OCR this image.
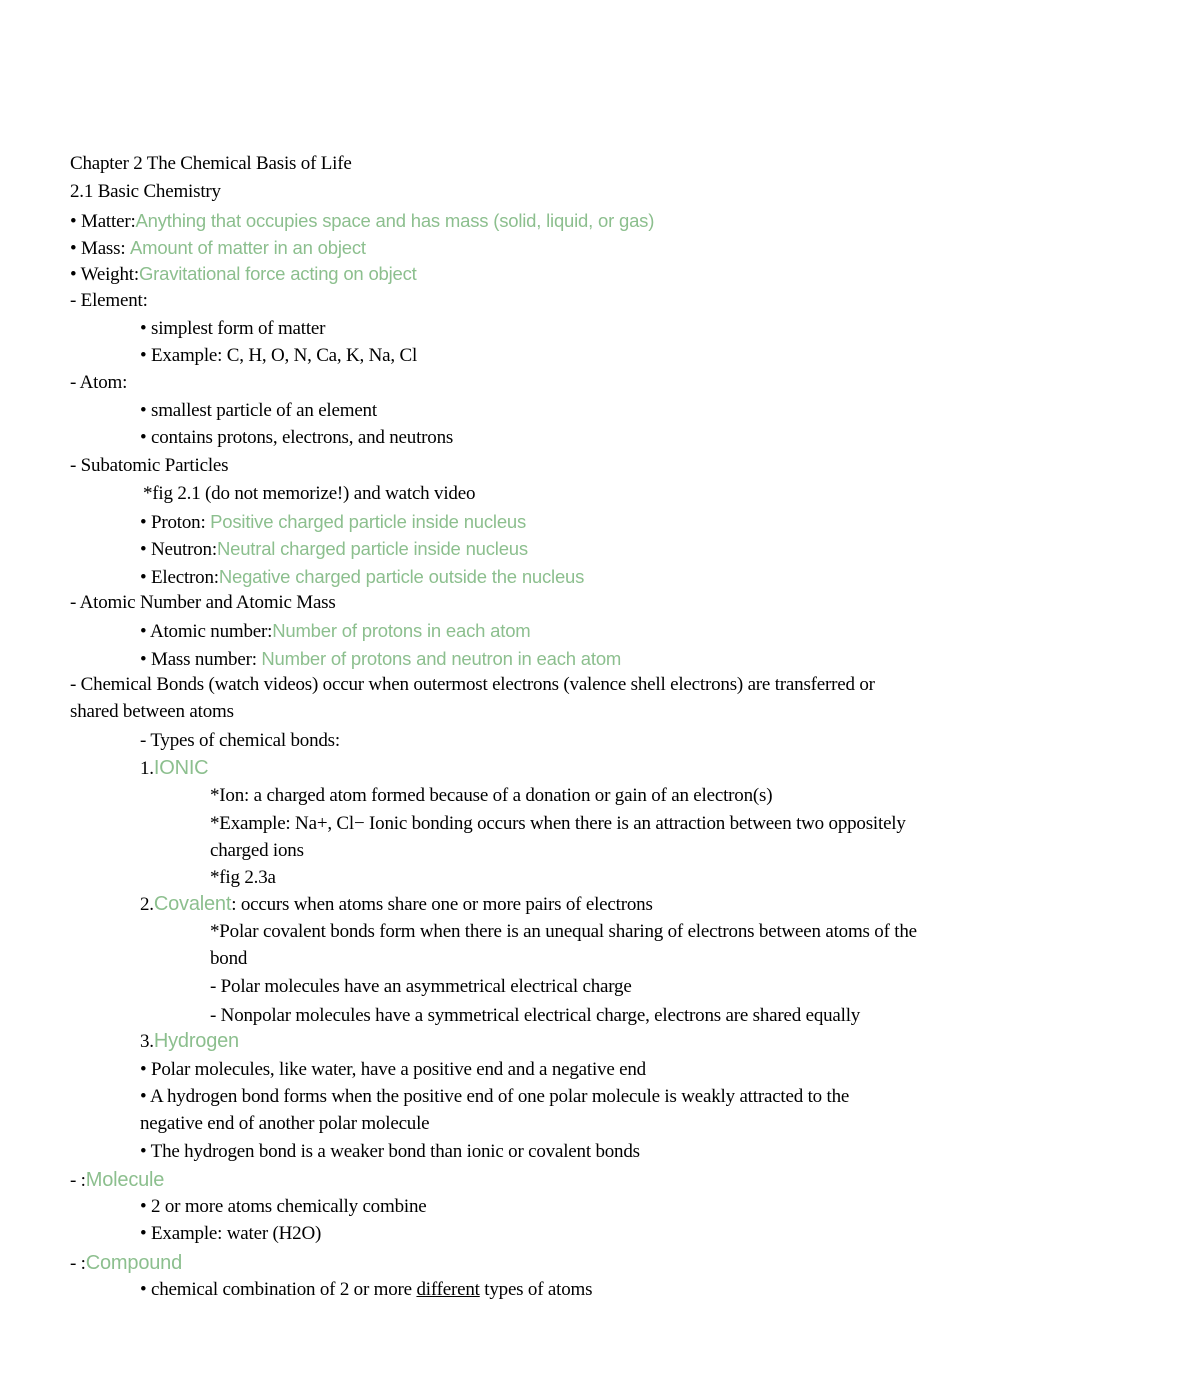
Chapter 2 The Chemical Basis of Life
2.1 Basic Chemistry
• Matter:Anything that occupies space and has mass (solid, liquid, or gas)
• Mass: Amount of matter in an object
• Weight:Gravitational force acting on object
- Element:
• simplest form of matter
• Example: C, H, O, N, Ca, K, Na, Cl
- Atom:
• smallest particle of an element
• contains protons, electrons, and neutrons
- Subatomic Particles
*fig 2.1 (do not memorize!) and watch video
• Proton: Positive charged particle inside nucleus
• Neutron:Neutral charged particle inside nucleus
• Electron:Negative charged particle outside the nucleus
- Atomic Number and Atomic Mass
• Atomic number:Number of protons in each atom
• Mass number: Number of protons and neutron in each atom
- Chemical Bonds (watch videos) occur when outermost electrons (valence shell electrons) are transferred or
shared between atoms
- Types of chemical bonds:
1.IONIC
*Ion: a charged atom formed because of a donation or gain of an electron(s)
*Example: Na+, Cl− Ionic bonding occurs when there is an attraction between two oppositely
charged ions
*fig 2.3a
2.Covalent: occurs when atoms share one or more pairs of electrons
*Polar covalent bonds form when there is an unequal sharing of electrons between atoms of the
bond
- Polar molecules have an asymmetrical electrical charge
- Nonpolar molecules have a symmetrical electrical charge, electrons are shared equally
3.Hydrogen
• Polar molecules, like water, have a positive end and a negative end
• A hydrogen bond forms when the positive end of one polar molecule is weakly attracted to the
negative end of another polar molecule
• The hydrogen bond is a weaker bond than ionic or covalent bonds
- :Molecule
• 2 or more atoms chemically combine
• Example: water (H2O)
- :Compound
• chemical combination of 2 or more different types of atoms
